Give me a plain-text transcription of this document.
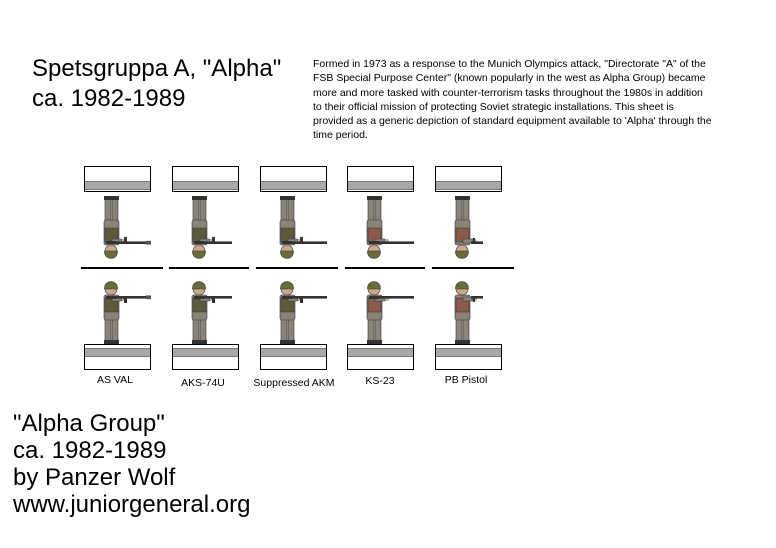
Spetsgruppa A, "Alpha"
ca. 1982-1989
Formed in 1973 as a response to the Munich Olympics attack, "Directorate "A" of the FSB Special Purpose Center" (known popularly in the west as Alpha Group) became more and more tasked with counter-terrorism tasks throughout the 1980s in addition to their official mission of protecting Soviet strategic installations. This sheet is provided as a generic depiction of standard equipment available to 'Alpha' through the time period.
AS VAL	AKS-74U	Suppressed AKM	KS-23	PB Pistol
"Alpha Group"
ca. 1982-1989
by Panzer Wolf
www.juniorgeneral.org
